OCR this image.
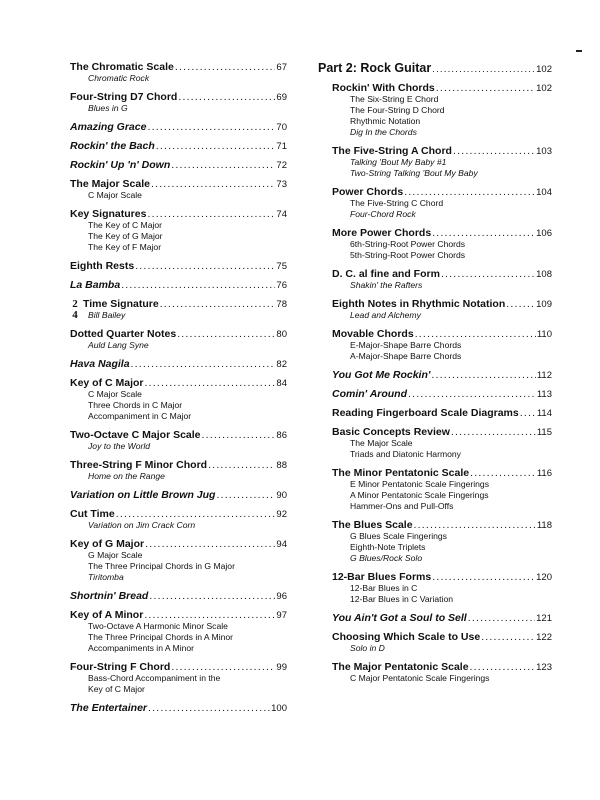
The Chromatic Scale .....	67
Chromatic Rock
Four-String D7 Chord .....	69
Blues in G
Amazing Grace .....	70
Rockin' the Bach .....	71
Rockin' Up 'n' Down .....	72
The Major Scale .....	73
C Major Scale
Key Signatures .....	74
The Key of C Major
The Key of G Major
The Key of F Major
Eighth Rests .....	75
La Bamba .....	76
2
4
Time Signature .....	78
Bill Bailey
Dotted Quarter Notes .....	80
Auld Lang Syne
Hava Nagila .....	82
Key of C Major .....	84
C Major Scale
Three Chords in C Major
Accompaniment in C Major
Two-Octave C Major Scale .....	86
Joy to the World
Three-String F Minor Chord .....	88
Home on the Range
Variation on Little Brown Jug .....	90
Cut Time .....	92
Variation on Jim Crack Corn
Key of G Major .....	94
G Major Scale
The Three Principal Chords in G Major
Tiritomba
Shortnin' Bread .....	96
Key of A Minor .....	97
Two-Octave A Harmonic Minor Scale
The Three Principal Chords in A Minor
Accompaniments in A Minor
Four-String F Chord .....	99
Bass-Chord Accompaniment in the
Key of C Major
The Entertainer .....	100
Part 2: Rock Guitar .....	102
Rockin' With Chords .....	102
The Six-String E Chord
The Four-String D Chord
Rhythmic Notation
Dig In the Chords
The Five-String A Chord .....	103
Talking 'Bout My Baby #1
Two-String Talking 'Bout My Baby
Power Chords .....	104
The Five-String C Chord
Four-Chord Rock
More Power Chords .....	106
6th-String-Root Power Chords
5th-String-Root Power Chords
D. C. al fine and Form .....	108
Shakin' the Rafters
Eighth Notes in Rhythmic Notation .....	109
Lead and Alchemy
Movable Chords .....	110
E-Major-Shape Barre Chords
A-Major-Shape Barre Chords
You Got Me Rockin' .....	112
Comin' Around .....	113
Reading Fingerboard Scale Diagrams ..... 114
Basic Concepts Review .....	115
The Major Scale
Triads and Diatonic Harmony
The Minor Pentatonic Scale .....	116
E Minor Pentatonic Scale Fingerings
A Minor Pentatonic Scale Fingerings
Hammer-Ons and Pull-Offs
The Blues Scale .....	118
G Blues Scale Fingerings
Eighth-Note Triplets
G Blues/Rock Solo
12-Bar Blues Forms .....	120
12-Bar Blues in C
12-Bar Blues in C Variation
You Ain't Got a Soul to Sell .....	121
Choosing Which Scale to Use .....	122
Solo in D
The Major Pentatonic Scale .....	123
C Major Pentatonic Scale Fingerings
